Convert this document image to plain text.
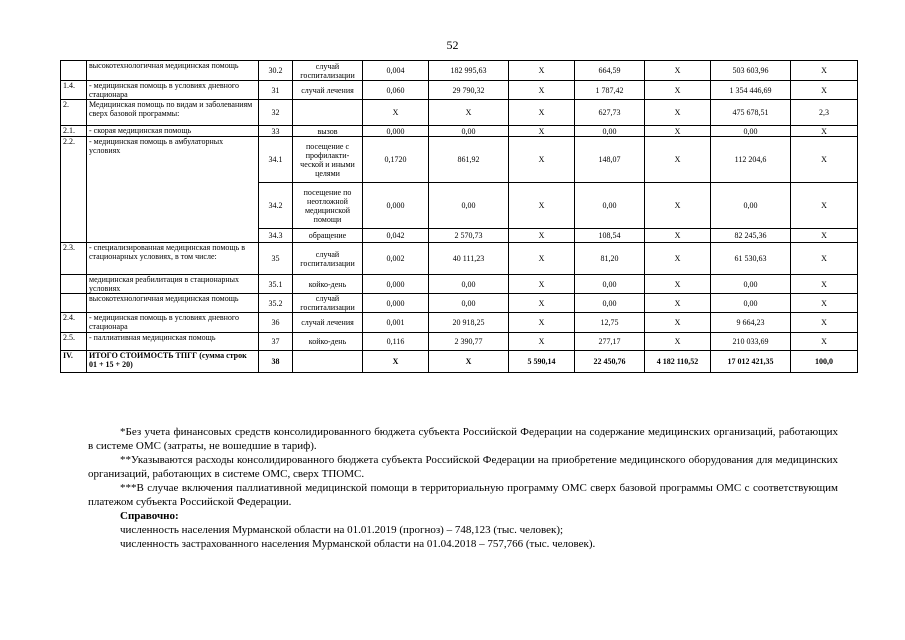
52
	высокотехнологичная медицинская помощь	30.2	случай госпитализации	0,004	182 995,63	Х	664,59	Х	503 603,96	Х
1.4.	- медицинская помощь в условиях дневного стационара	31	случай лечения	0,060	29 790,32	Х	1 787,42	Х	1 354 446,69	Х
2.	Медицинская помощь по видам и заболеваниям сверх базовой программы:	32		Х	Х	Х	627,73	Х	475 678,51	2,3
2.1.	- скорая медицинская помощь	33	вызов	0,000	0,00	Х	0,00	Х	0,00	Х
2.2.	- медицинская помощь в амбулаторных условиях	34.1	посещение с профилакти-ческой и иными целями	0,1720	861,92	Х	148,07	Х	112 204,6	Х
		34.2	посещение по неотложной медицинской помощи	0,000	0,00	Х	0,00	Х	0,00	Х
		34.3	обращение	0,042	2 570,73	Х	108,54	Х	82 245,36	Х
2.3.	- специализированная медицинская помощь в стационарных условиях, в том числе:	35	случай госпитализации	0,002	40 111,23	Х	81,20	Х	61 530,63	Х
	медицинская реабилитация в стационарных условиях	35.1	койко-день	0,000	0,00	Х	0,00	Х	0,00	Х
	высокотехнологичная медицинская помощь	35.2	случай госпитализации	0,000	0,00	Х	0,00	Х	0,00	Х
2.4.	- медицинская помощь в условиях дневного стационара	36	случай лечения	0,001	20 918,25	Х	12,75	Х	9 664,23	Х
2.5.	- паллиативная медицинская помощь	37	койко-день	0,116	2 390,77	Х	277,17	Х	210 033,69	Х
IV.	ИТОГО СТОИМОСТЬ ТПГГ (сумма строк 01 + 15 + 20)	38		Х	Х	5 590,14	22 450,76	4 182 110,52	17 012 421,35	100,0

*Без учета финансовых средств консолидированного бюджета субъекта Российской Федерации на содержание медицинских организаций, работающих в системе ОМС (затраты, не вошедшие в тариф).

**Указываются расходы консолидированного бюджета субъекта Российской Федерации на приобретение медицинского оборудования для медицинских организаций, работающих в системе ОМС, сверх ТПОМС.

***В случае включения паллиативной медицинской помощи в территориальную программу ОМС сверх базовой программы ОМС с соответствующим платежом субъекта Российской Федерации.

Справочно:

численность населения Мурманской области на 01.01.2019 (прогноз) – 748,123 (тыс. человек);

численность застрахованного населения Мурманской области на 01.04.2018 – 757,766 (тыс. человек).
